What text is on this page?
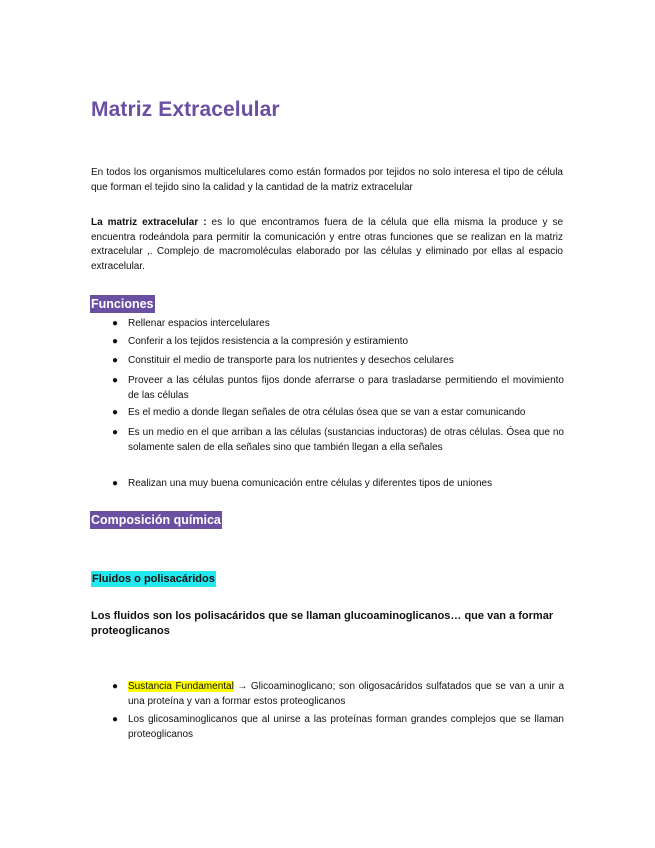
Matriz Extracelular
En todos los organismos multicelulares como están formados por tejidos no solo interesa el tipo de célula que forman el tejido sino la calidad y la cantidad de la matriz extracelular
La matriz extracelular : es lo que encontramos fuera de la célula que ella misma la produce y se encuentra rodeándola para permitir la comunicación y entre otras funciones que se realizan en la matriz extracelular ,. Complejo de macromoléculas elaborado por las células y eliminado por ellas al espacio extracelular.
Funciones
● Rellenar espacios intercelulares
● Conferir a los tejidos resistencia a la compresión y estiramiento
● Constituir el medio de transporte para los nutrientes y desechos celulares
● Proveer a las células puntos fijos donde aferrarse o para trasladarse permitiendo el movimiento de las células
● Es el medio a donde llegan señales de otra células ósea que se van a estar comunicando
● Es un medio en el que arriban a las células (sustancias inductoras) de otras células. Ósea que no solamente salen de ella señales sino que también llegan a ella señales
● Realizan una muy buena comunicación entre células y diferentes tipos de uniones
Composición química
Fluidos o polisacáridos
Los fluidos son los polisacáridos que se llaman glucoaminoglicanos… que van a formar proteoglicanos
● Sustancia Fundamental → Glicoaminoglicano; son oligosacáridos sulfatados que se van a unir a una proteína y van a formar estos proteoglicanos
● Los glicosaminoglicanos que al unirse a las proteínas forman grandes complejos que se llaman proteoglicanos
